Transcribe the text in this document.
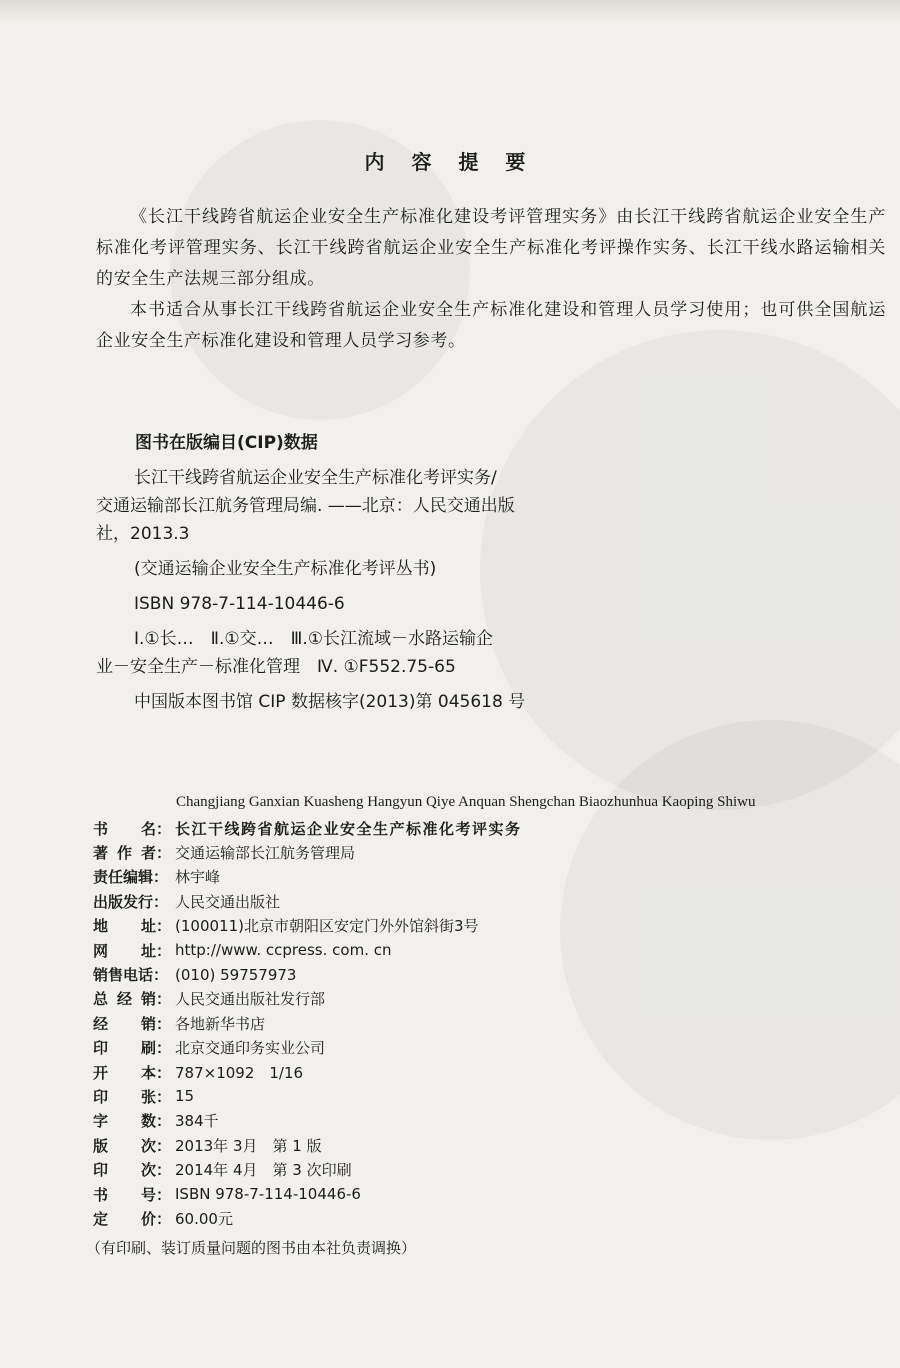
内 容 提 要

《长江干线跨省航运企业安全生产标准化建设考评管理实务》由长江干线跨省航运企业安全生产标准化考评管理实务、长江干线跨省航运企业安全生产标准化考评操作实务、长江干线水路运输相关的安全生产法规三部分组成。

本书适合从事长江干线跨省航运企业安全生产标准化建设和管理人员学习使用；也可供全国航运企业安全生产标准化建设和管理人员学习参考。

图书在版编目(CIP)数据

长江干线跨省航运企业安全生产标准化考评实务/

交通运输部长江航务管理局编. ——北京：人民交通出版

社，2013.3

(交通运输企业安全生产标准化考评丛书)

ISBN 978-7-114-10446-6

Ⅰ.①长…　Ⅱ.①交…　Ⅲ.①长江流域－水路运输企

业－安全生产－标准化管理　Ⅳ. ①F552.75-65

中国版本图书馆 CIP 数据核字(2013)第 045618 号

Changjiang Ganxian Kuasheng Hangyun Qiye Anquan Shengchan Biaozhunhua Kaoping Shiwu
书 名： 长江干线跨省航运企业安全生产标准化考评实务
著 作 者： 交通运输部长江航务管理局
责任编辑： 林宇峰
出版发行： 人民交通出版社
地 址： (100011)北京市朝阳区安定门外外馆斜街3号
网 址： http://www. ccpress. com. cn
销售电话： (010) 59757973
总 经 销： 人民交通出版社发行部
经 销： 各地新华书店
印 刷： 北京交通印务实业公司
开 本： 787×1092　1/16
印 张： 15
字 数： 384千
版 次： 2013年 3月　第 1 版
印 次： 2014年 4月　第 3 次印刷
书 号： ISBN 978-7-114-10446-6
定 价： 60.00元
（有印刷、装订质量问题的图书由本社负责调换）
